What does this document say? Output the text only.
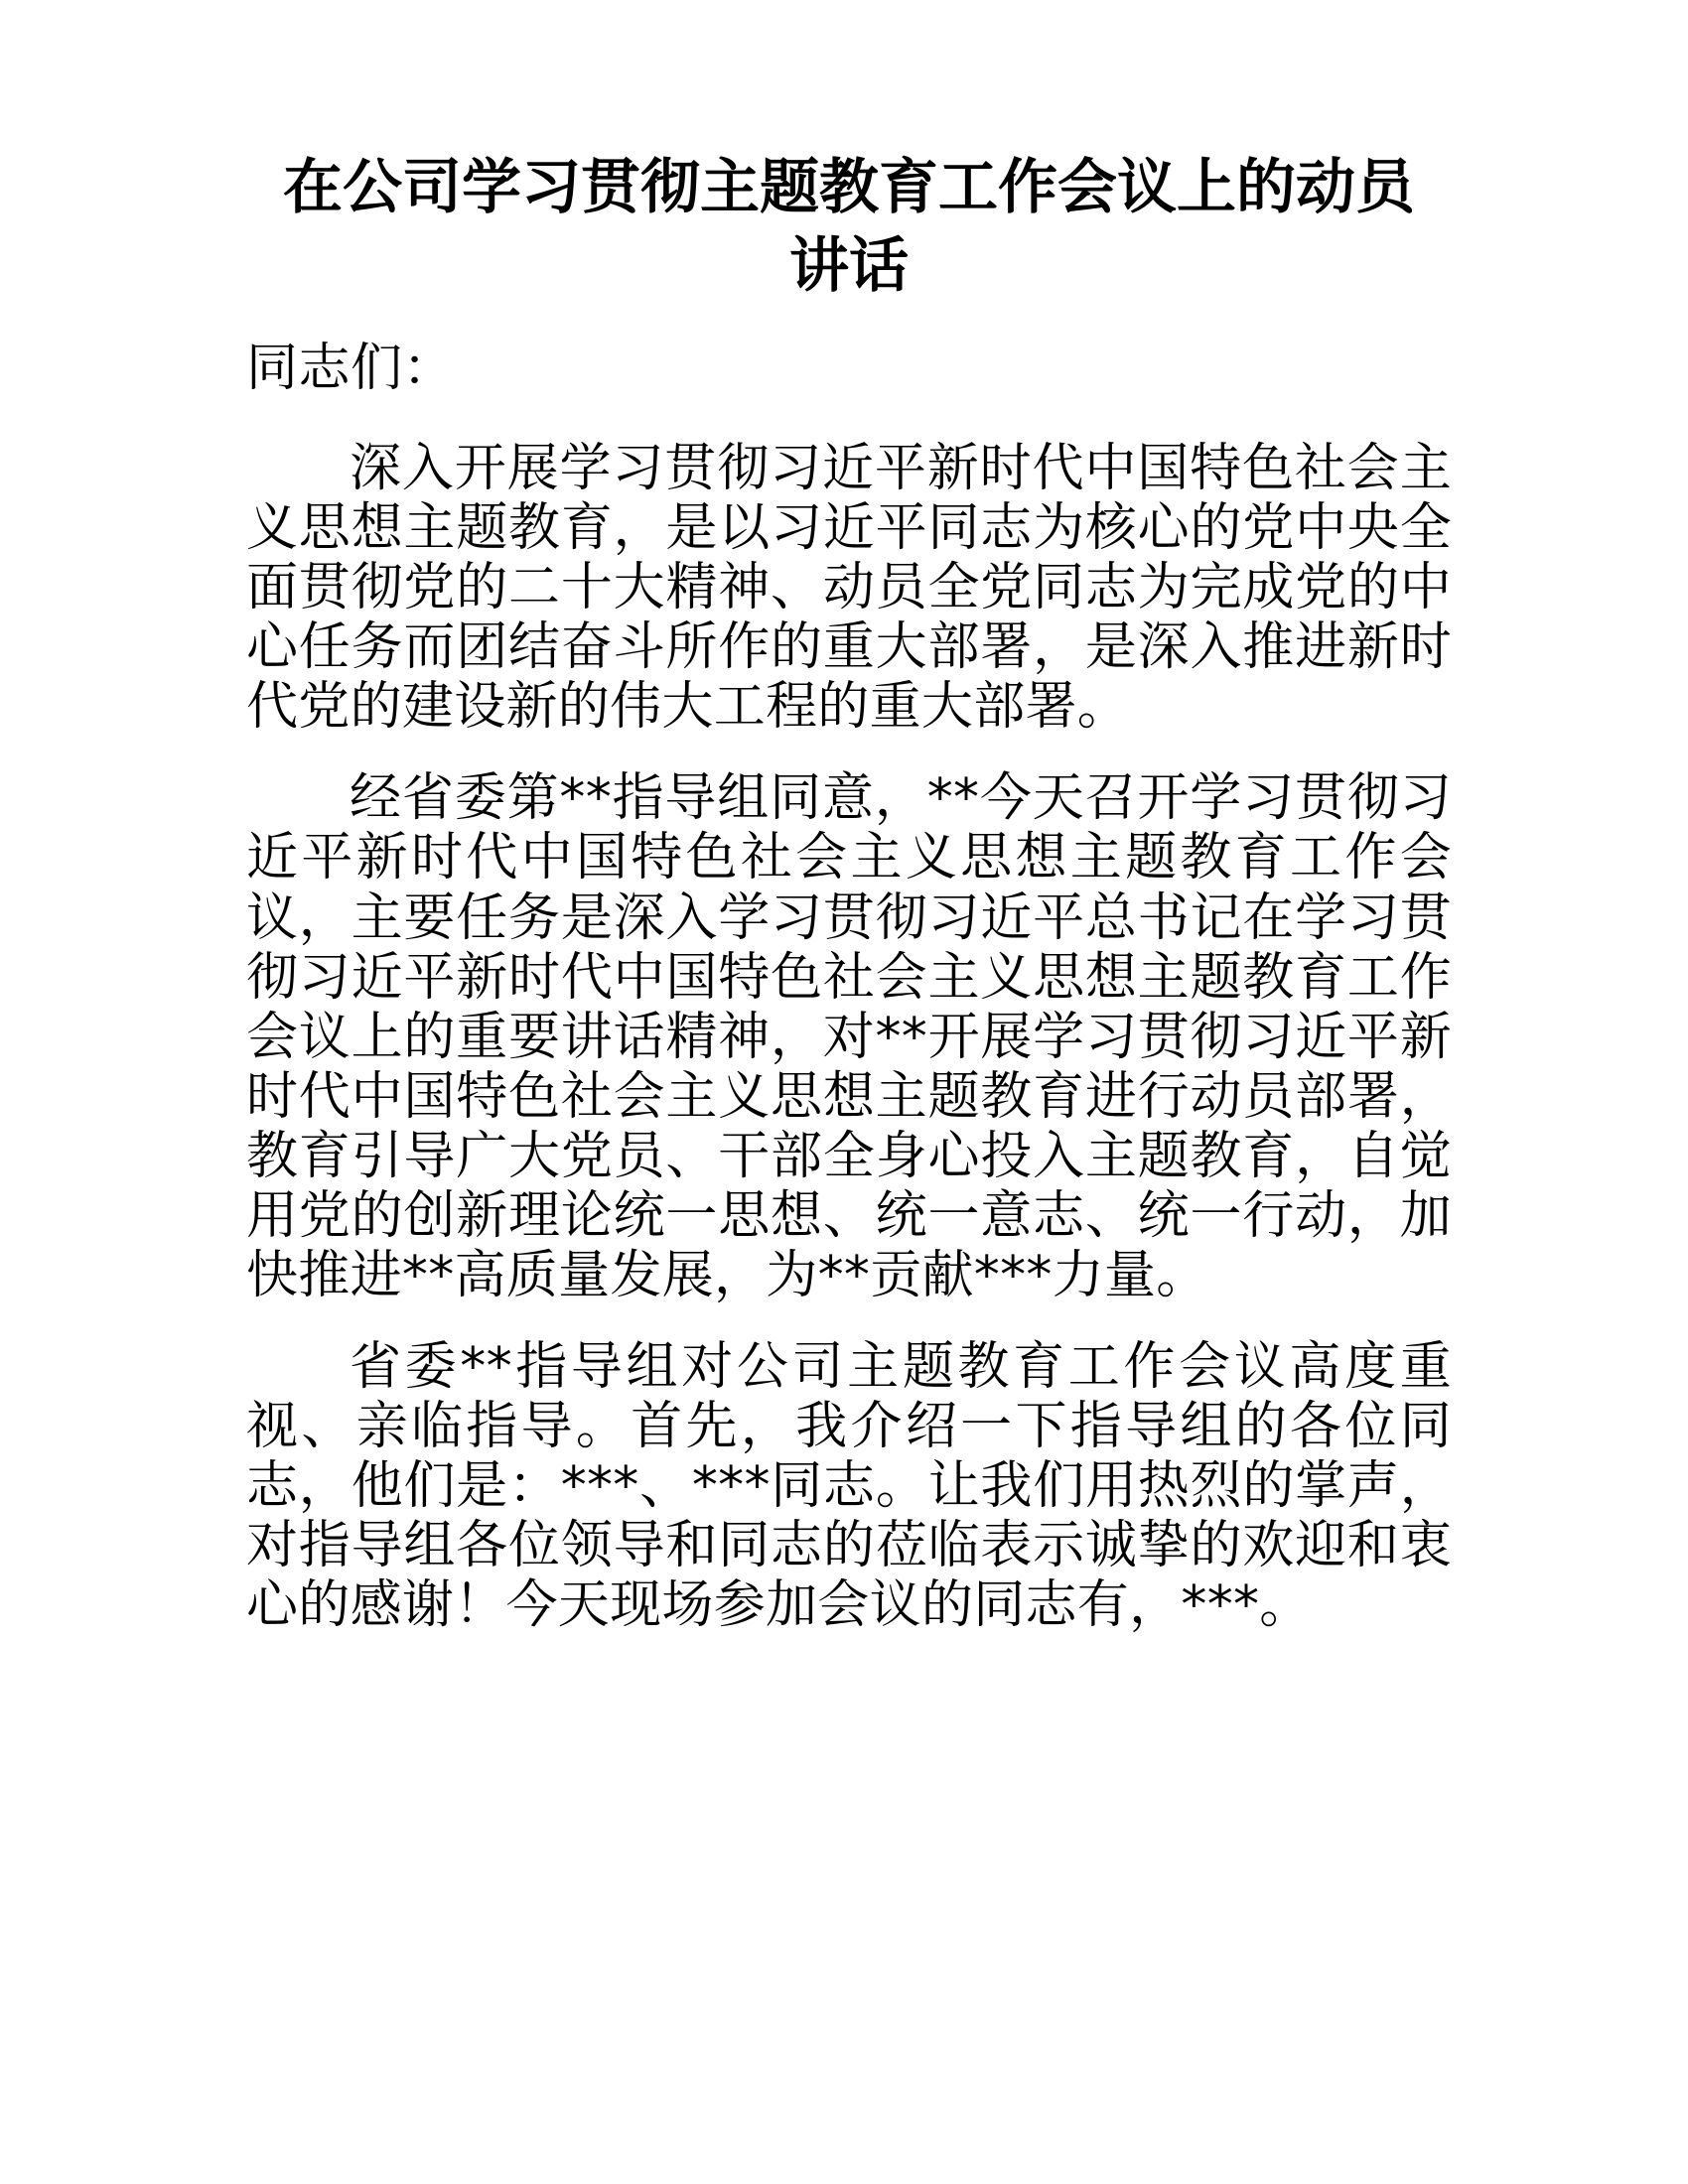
在公司学习贯彻主题教育工作会议上的动员讲话

同志们：

深入开展学习贯彻习近平新时代中国特色社会主义思想主题教育，是以习近平同志为核心的党中央全面贯彻党的二十大精神、动员全党同志为完成党的中心任务而团结奋斗所作的重大部署，是深入推进新时代党的建设新的伟大工程的重大部署。

经省委第**指导组同意，**今天召开学习贯彻习近平新时代中国特色社会主义思想主题教育工作会议，主要任务是深入学习贯彻习近平总书记在学习贯彻习近平新时代中国特色社会主义思想主题教育工作会议上的重要讲话精神，对**开展学习贯彻习近平新时代中国特色社会主义思想主题教育进行动员部署，教育引导广大党员、干部全身心投入主题教育，自觉用党的创新理论统一思想、统一意志、统一行动，加快推进**高质量发展，为**贡献***力量。

省委**指导组对公司主题教育工作会议高度重视、亲临指导。首先，我介绍一下指导组的各位同志，他们是：***、***同志。让我们用热烈的掌声，对指导组各位领导和同志的莅临表示诚挚的欢迎和衷心的感谢！今天现场参加会议的同志有，***。
